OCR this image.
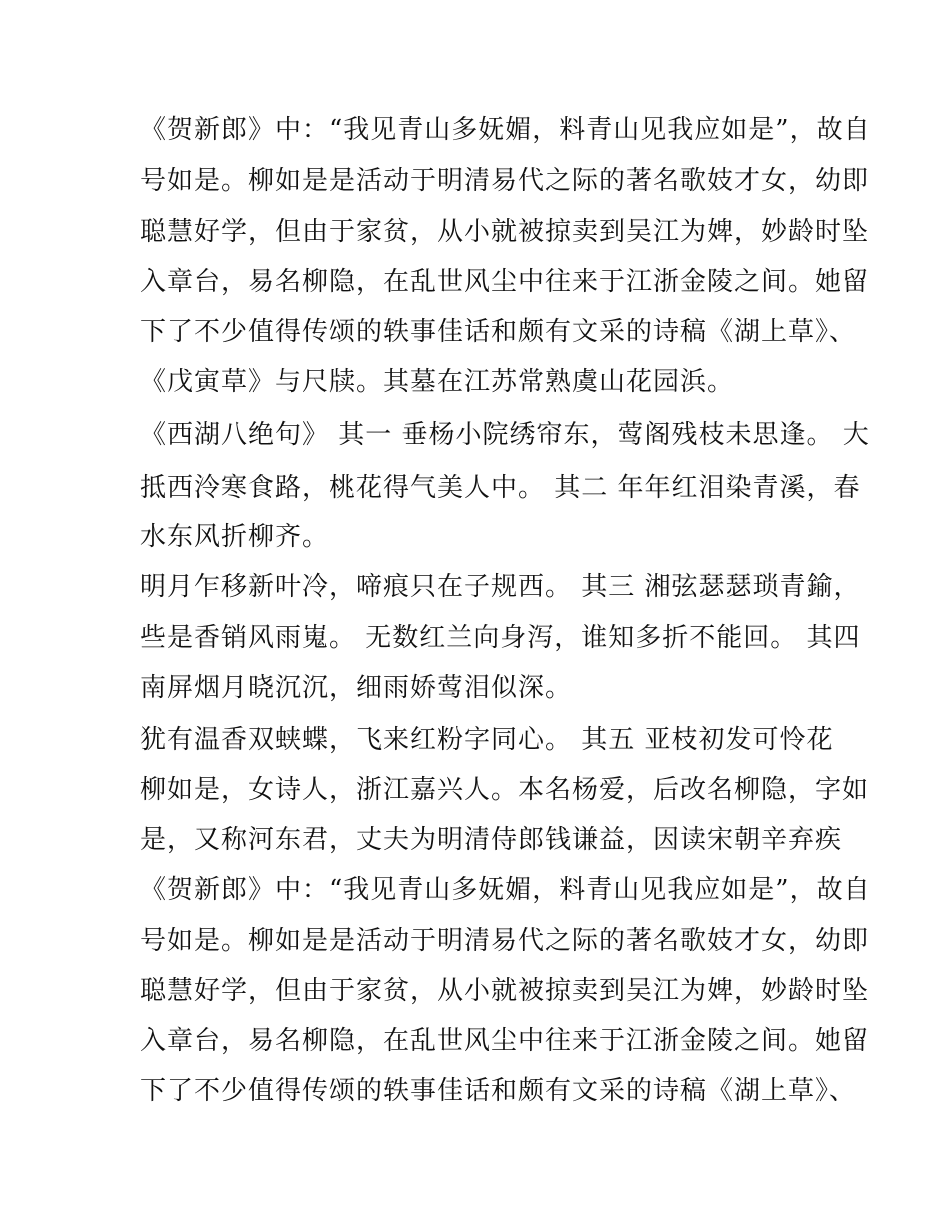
《贺新郎》中：“我见青山多妩媚，料青山见我应如是”，故自
号如是。柳如是是活动于明清易代之际的著名歌妓才女，幼即
聪慧好学，但由于家贫，从小就被掠卖到吴江为婢，妙龄时坠
入章台，易名柳隐，在乱世风尘中往来于江浙金陵之间。她留
下了不少值得传颂的轶事佳话和颇有文采的诗稿《湖上草》、
《戊寅草》与尺牍。其墓在江苏常熟虞山花园浜。
《西湖八绝句》 其一 垂杨小院绣帘东，莺阁残枝未思逢。 大
抵西泠寒食路，桃花得气美人中。 其二 年年红泪染青溪，春
水东风折柳齐。
明月乍移新叶冷，啼痕只在子规西。 其三 湘弦瑟瑟琐青鍮，
些是香销风雨嵬。 无数红兰向身泻，谁知多折不能回。 其四
南屏烟月晓沉沉，细雨娇莺泪似深。
犹有温香双蛱蝶，飞来红粉字同心。 其五 亚枝初发可怜花
柳如是，女诗人，浙江嘉兴人。本名杨爱，后改名柳隐，字如
是，又称河东君，丈夫为明清侍郎钱谦益，因读宋朝辛弃疾
《贺新郎》中：“我见青山多妩媚，料青山见我应如是”，故自
号如是。柳如是是活动于明清易代之际的著名歌妓才女，幼即
聪慧好学，但由于家贫，从小就被掠卖到吴江为婢，妙龄时坠
入章台，易名柳隐，在乱世风尘中往来于江浙金陵之间。她留
下了不少值得传颂的轶事佳话和颇有文采的诗稿《湖上草》、
